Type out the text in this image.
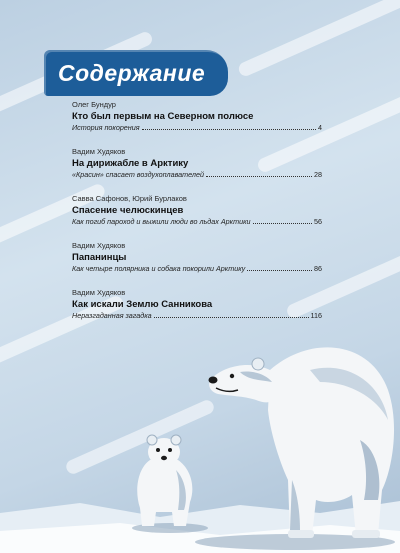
Содержание
Олег Бундур
Кто был первым на Северном полюсе
История покорения	4
Вадим Худяков
На дирижабле в Арктику
«Красин» спасает воздухоплавателей	28
Савва Сафонов, Юрий Бурлаков
Спасение челюскинцев
Как погиб пароход и выжили люди во льдах Арктики	56
Вадим Худяков
Папанинцы
Как четыре полярника и собака покорили Арктику	86
Вадим Худяков
Как искали Землю Санникова
Неразгаданная загадка	116
